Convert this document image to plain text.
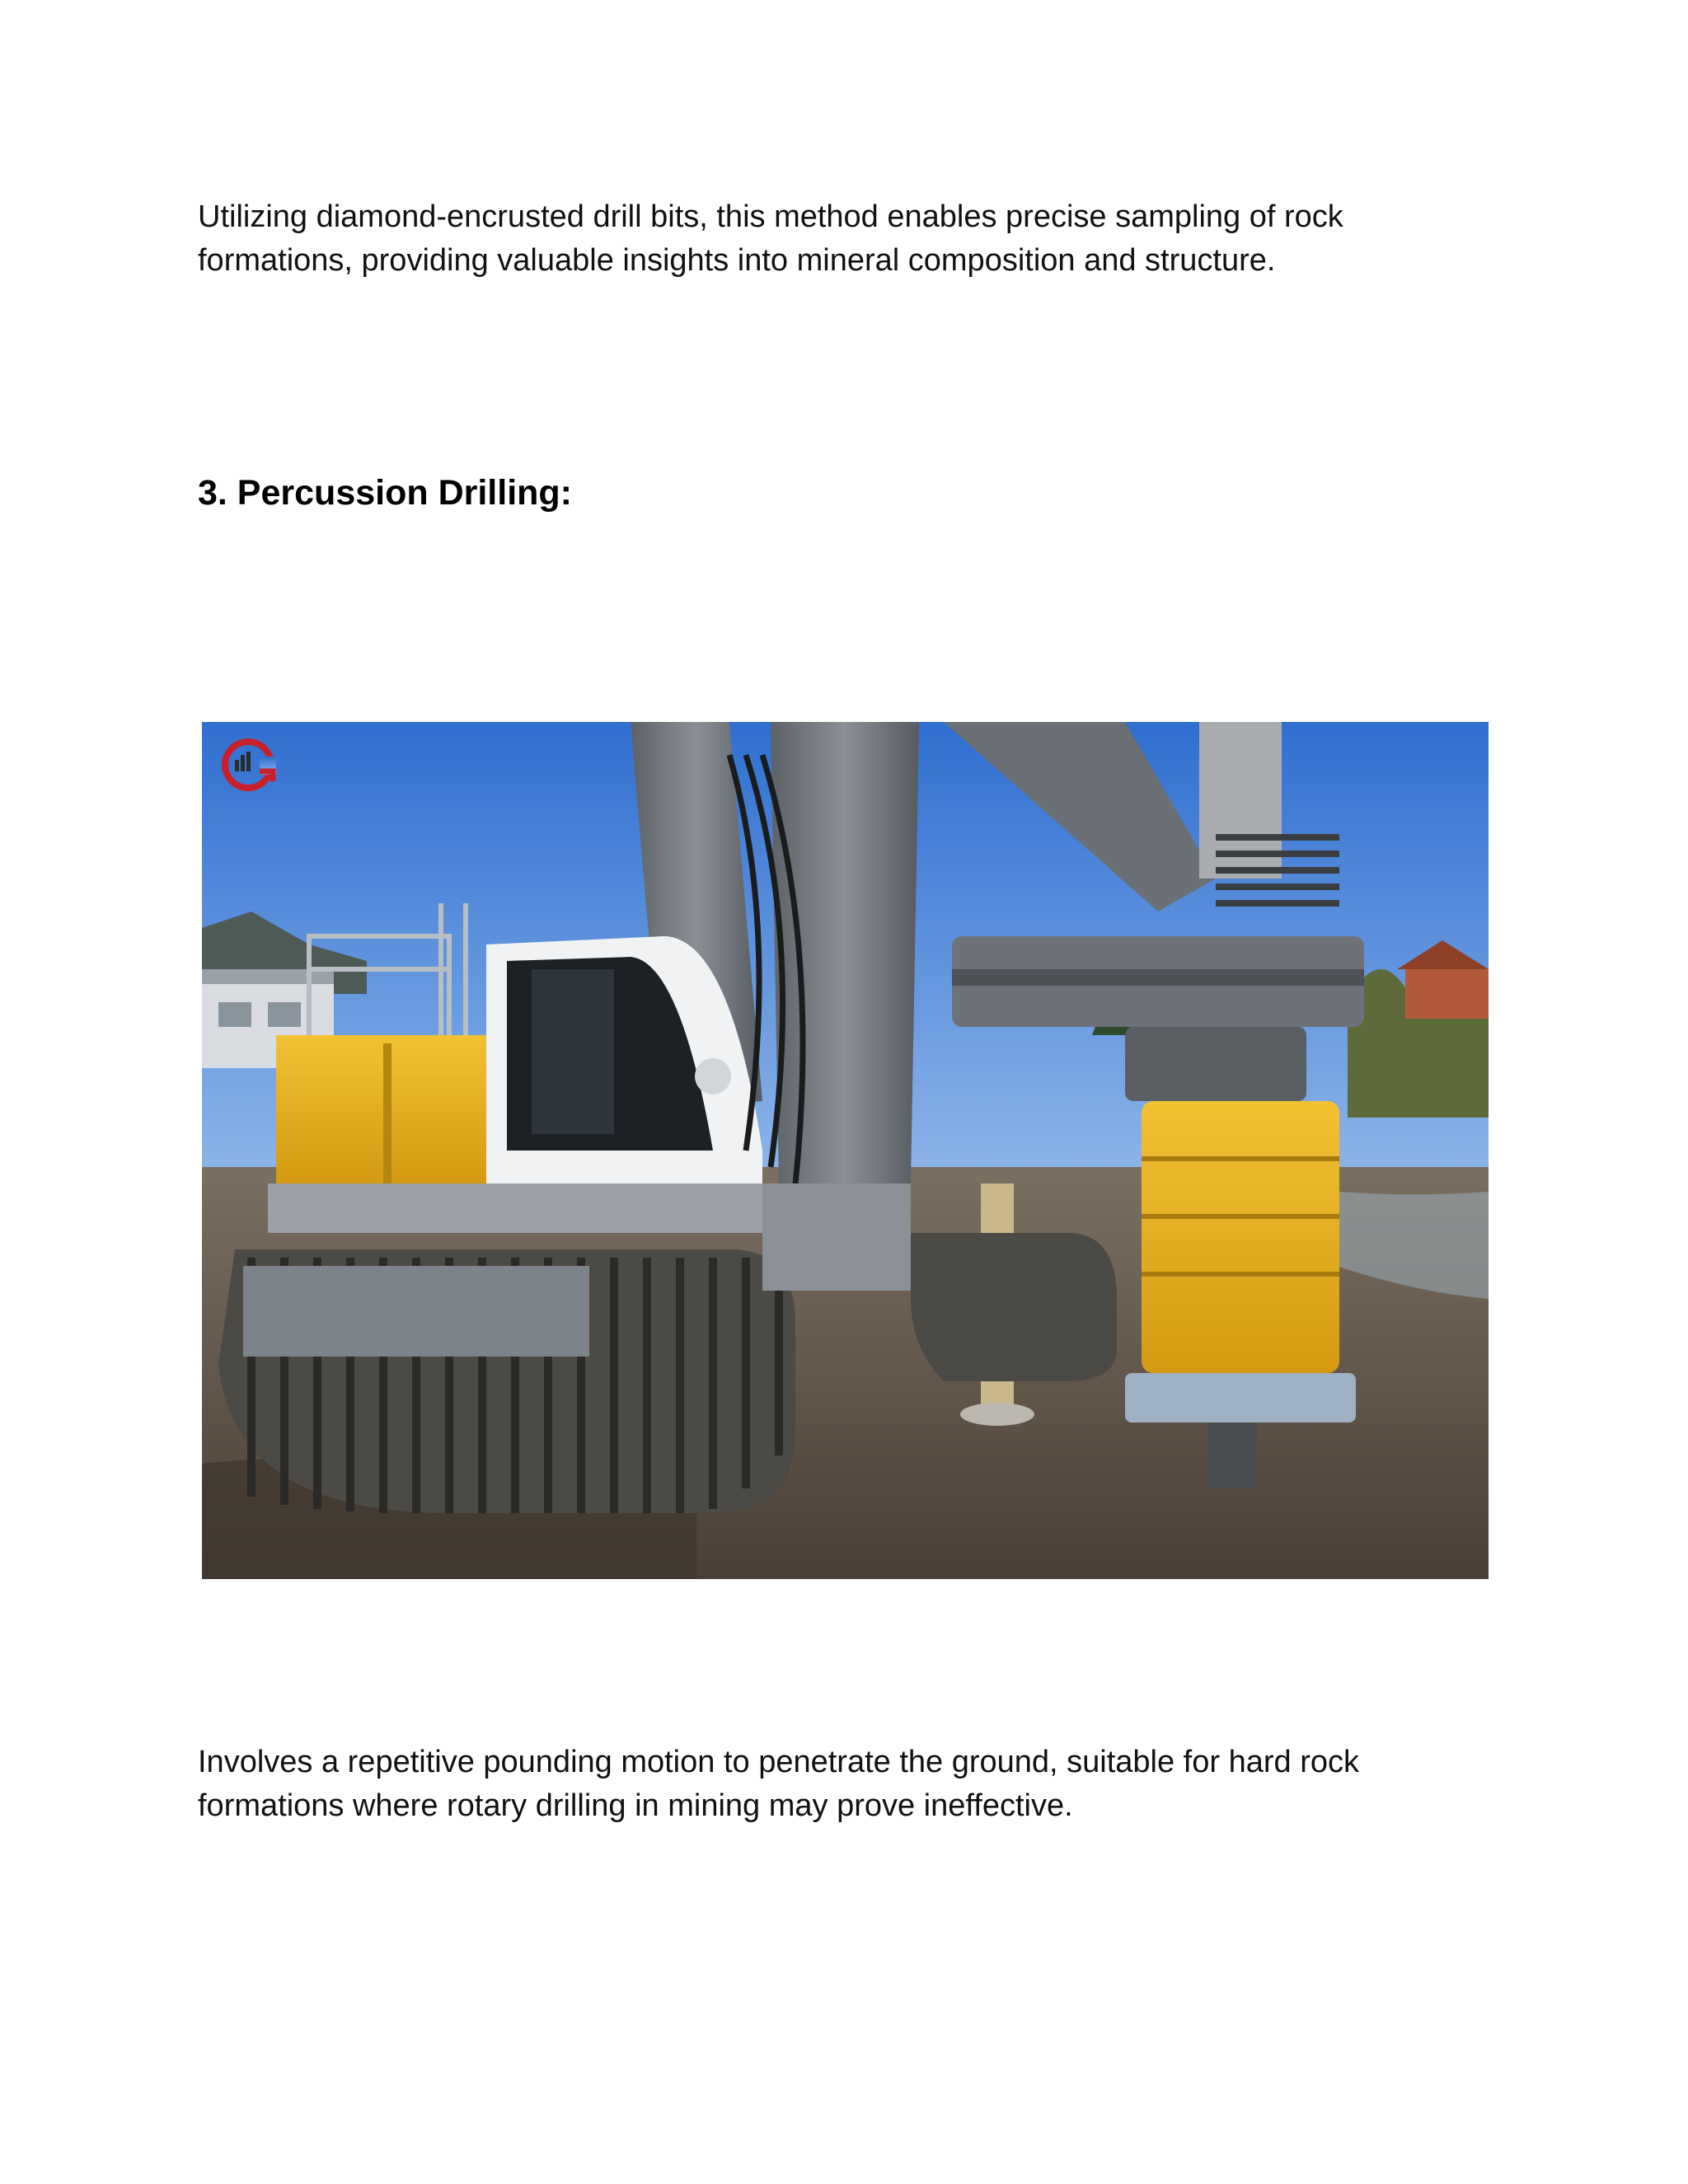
Utilizing diamond-encrusted drill bits, this method enables precise sampling of rock formations, providing valuable insights into mineral composition and structure.

3. Percussion Drilling:

Involves a repetitive pounding motion to penetrate the ground, suitable for hard rock formations where rotary drilling in mining may prove ineffective.
